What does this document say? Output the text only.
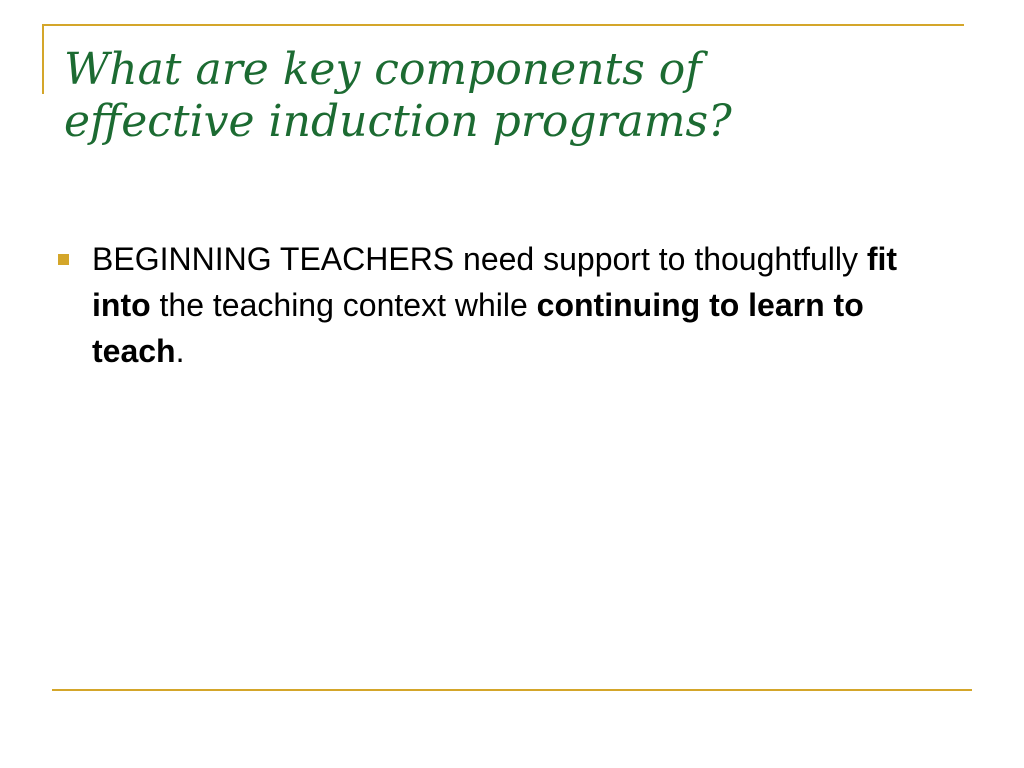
What are key components of
effective induction programs?
BEGINNING TEACHERS need support to thoughtfully fit into the teaching context while continuing to learn to teach.
